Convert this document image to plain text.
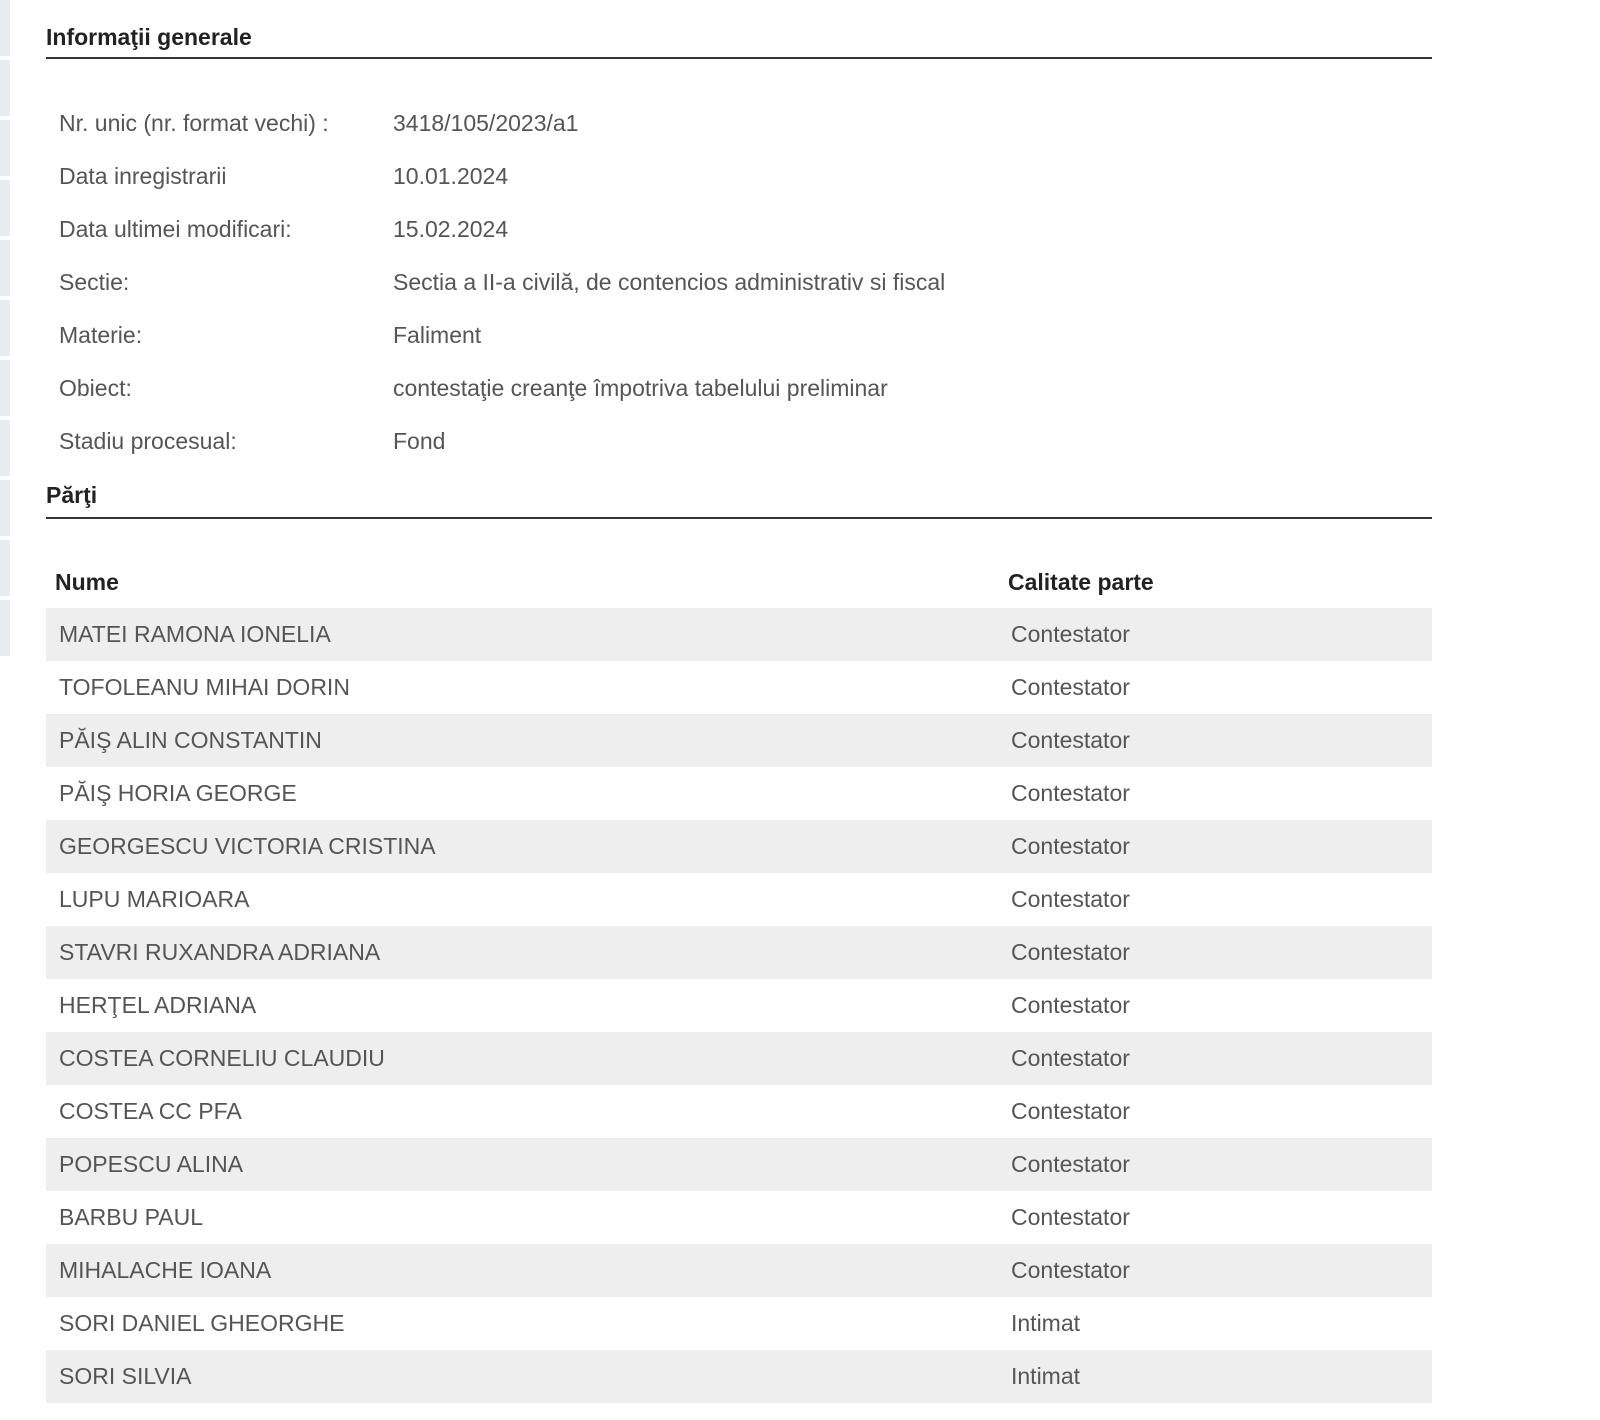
Informaţii generale
Nr. unic (nr. format vechi) :	3418/105/2023/a1
Data inregistrarii	10.01.2024
Data ultimei modificari:	15.02.2024
Sectie:	Sectia a II-a civilă, de contencios administrativ si fiscal
Materie:	Faliment
Obiect:	contestaţie creanţe împotriva tabelului preliminar
Stadiu procesual:	Fond
Părţi
Nume	Calitate parte
MATEI RAMONA IONELIA	Contestator
TOFOLEANU MIHAI DORIN	Contestator
PĂIŞ ALIN CONSTANTIN	Contestator
PĂIŞ HORIA GEORGE	Contestator
GEORGESCU VICTORIA CRISTINA	Contestator
LUPU MARIOARA	Contestator
STAVRI RUXANDRA ADRIANA	Contestator
HERŢEL ADRIANA	Contestator
COSTEA CORNELIU CLAUDIU	Contestator
COSTEA CC PFA	Contestator
POPESCU ALINA	Contestator
BARBU PAUL	Contestator
MIHALACHE IOANA	Contestator
SORI DANIEL GHEORGHE	Intimat
SORI SILVIA	Intimat
